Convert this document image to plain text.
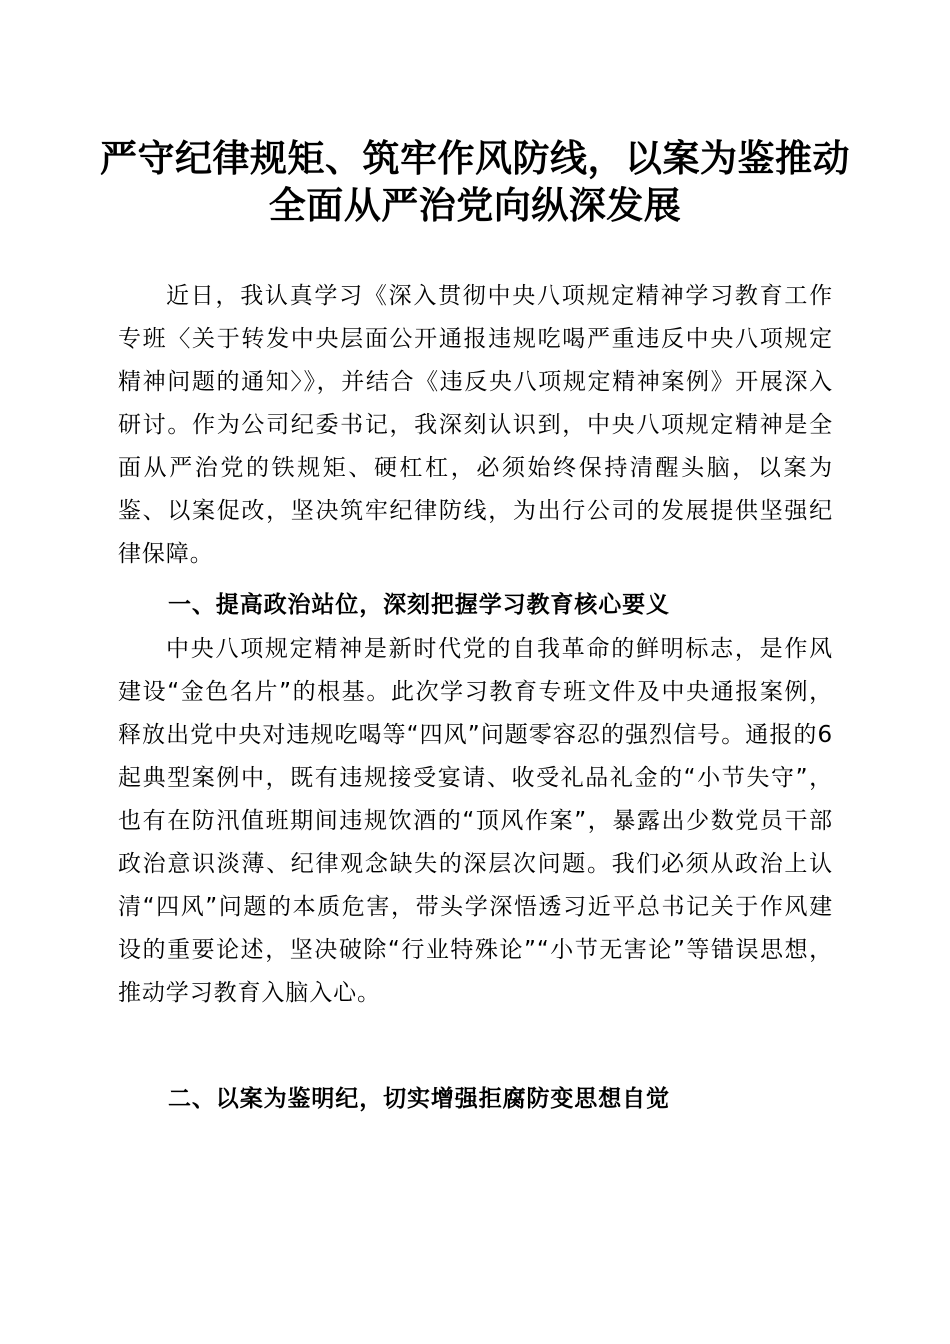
严守纪律规矩、筑牢作风防线，以案为鉴推动
全面从严治党向纵深发展

近日，我认真学习《深入贯彻中央八项规定精神学习教育工作专班〈关于转发中央层面公开通报违规吃喝严重违反中央八项规定精神问题的通知〉》，并结合《违反央八项规定精神案例》开展深入研讨。作为公司纪委书记，我深刻认识到，中央八项规定精神是全面从严治党的铁规矩、硬杠杠，必须始终保持清醒头脑，以案为鉴、以案促改，坚决筑牢纪律防线，为出行公司的发展提供坚强纪律保障。

一、提高政治站位，深刻把握学习教育核心要义

中央八项规定精神是新时代党的自我革命的鲜明标志，是作风建设“金色名片”的根基。此次学习教育专班文件及中央通报案例，释放出党中央对违规吃喝等“四风”问题零容忍的强烈信号。通报的6起典型案例中，既有违规接受宴请、收受礼品礼金的“小节失守”，也有在防汛值班期间违规饮酒的“顶风作案”，暴露出少数党员干部政治意识淡薄、纪律观念缺失的深层次问题。我们必须从政治上认清“四风”问题的本质危害，带头学深悟透习近平总书记关于作风建设的重要论述，坚决破除“行业特殊论”“小节无害论”等错误思想，推动学习教育入脑入心。

二、以案为鉴明纪，切实增强拒腐防变思想自觉
